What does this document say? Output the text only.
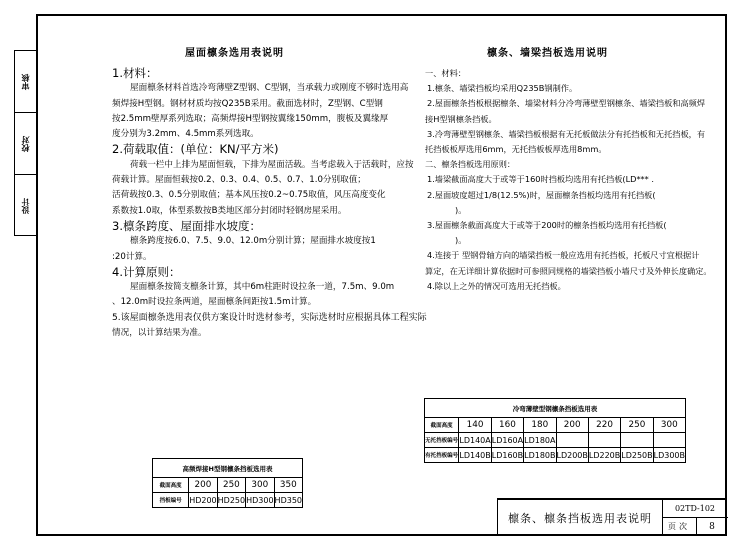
审核
校对
设计
屋面檩条选用表说明

1.材料：

屋面檩条材料首选冷弯薄壁Z型钢、C型钢，当承载力或刚度不够时选用高

频焊接H型钢。钢材材质均按Q235B采用。截面选材时，Z型钢、C型钢

按2.5mm壁厚系列选取；高频焊接H型钢按翼缘150mm，腹板及翼缘厚

度分别为3.2mm、4.5mm系列选取。

2.荷载取值：(单位：KN/平方米)

荷载一栏中上排为屋面恒载，下排为屋面活载。当考虑载入于活载时，应按

荷载计算。屋面恒载按0.2、0.3、0.4、0.5、0.7、1.0分别取值；

活荷载按0.3、0.5分别取值；基本风压按0.2~0.75取值，风压高度变化

系数按1.0取，体型系数按B类地区部分封闭时轻钢房屋采用。

3.檩条跨度、屋面排水坡度：

檩条跨度按6.0、7.5、9.0、12.0m分别计算；屋面排水坡度按1

:20计算。

4.计算原则：

屋面檩条按简支檩条计算，其中6m柱距时设拉条一道，7.5m、9.0m

、12.0m时设拉条两道，屋面檩条间距按1.5m计算。

5.该屋面檩条选用表仅供方案设计时选材参考，实际选材时应根据具体工程实际

情况，以计算结果为准。

檩条、墙梁挡板选用说明

一、材料：

1.檩条、墙梁挡板均采用Q235B钢制作。

2.屋面檩条挡板根据檩条、墙梁材料分冷弯薄壁型钢檩条、墙梁挡板和高频焊

接H型钢檩条挡板。

3.冷弯薄壁型钢檩条、墙梁挡板根据有无托板做法分有托挡板和无托挡板，有

托挡板板厚选用6mm，无托挡板板厚选用8mm。

二、檩条挡板选用原则：

1.墙梁截面高度大于或等于160时挡板均选用有托挡板(LD*** .

2.屋面坡度超过1/8(12.5%)时，屋面檩条挡板均选用有托挡板(

)。

3.屋面檩条截面高度大于或等于200时的檩条挡板均选用有托挡板(

)。

4.连接于 型钢骨轴方向的墙梁挡板一般应选用有托挡板，托板尺寸宜根据计

算定，在无详细计算依据时可参照同规格的墙梁挡板小墙尺寸及外伸长度确定。

4.除以上之外的情况可选用无托挡板。

冷弯薄壁型钢檩条挡板选用表							
截面高度	140	160	180	200	220	250	300
无托挡板编号	LD140A	LD160A	LD180A				
有托挡板编号	LD140B	LD160B	LD180B	LD200B	LD220B	LD250B	LD300B
高频焊接H型钢檩条挡板选用表				
截面高度	200	250	300	350
挡板编号	HD200	HD250	HD300	HD350
檩条、檩条挡板选用表说明
02TD-102
页次	8
